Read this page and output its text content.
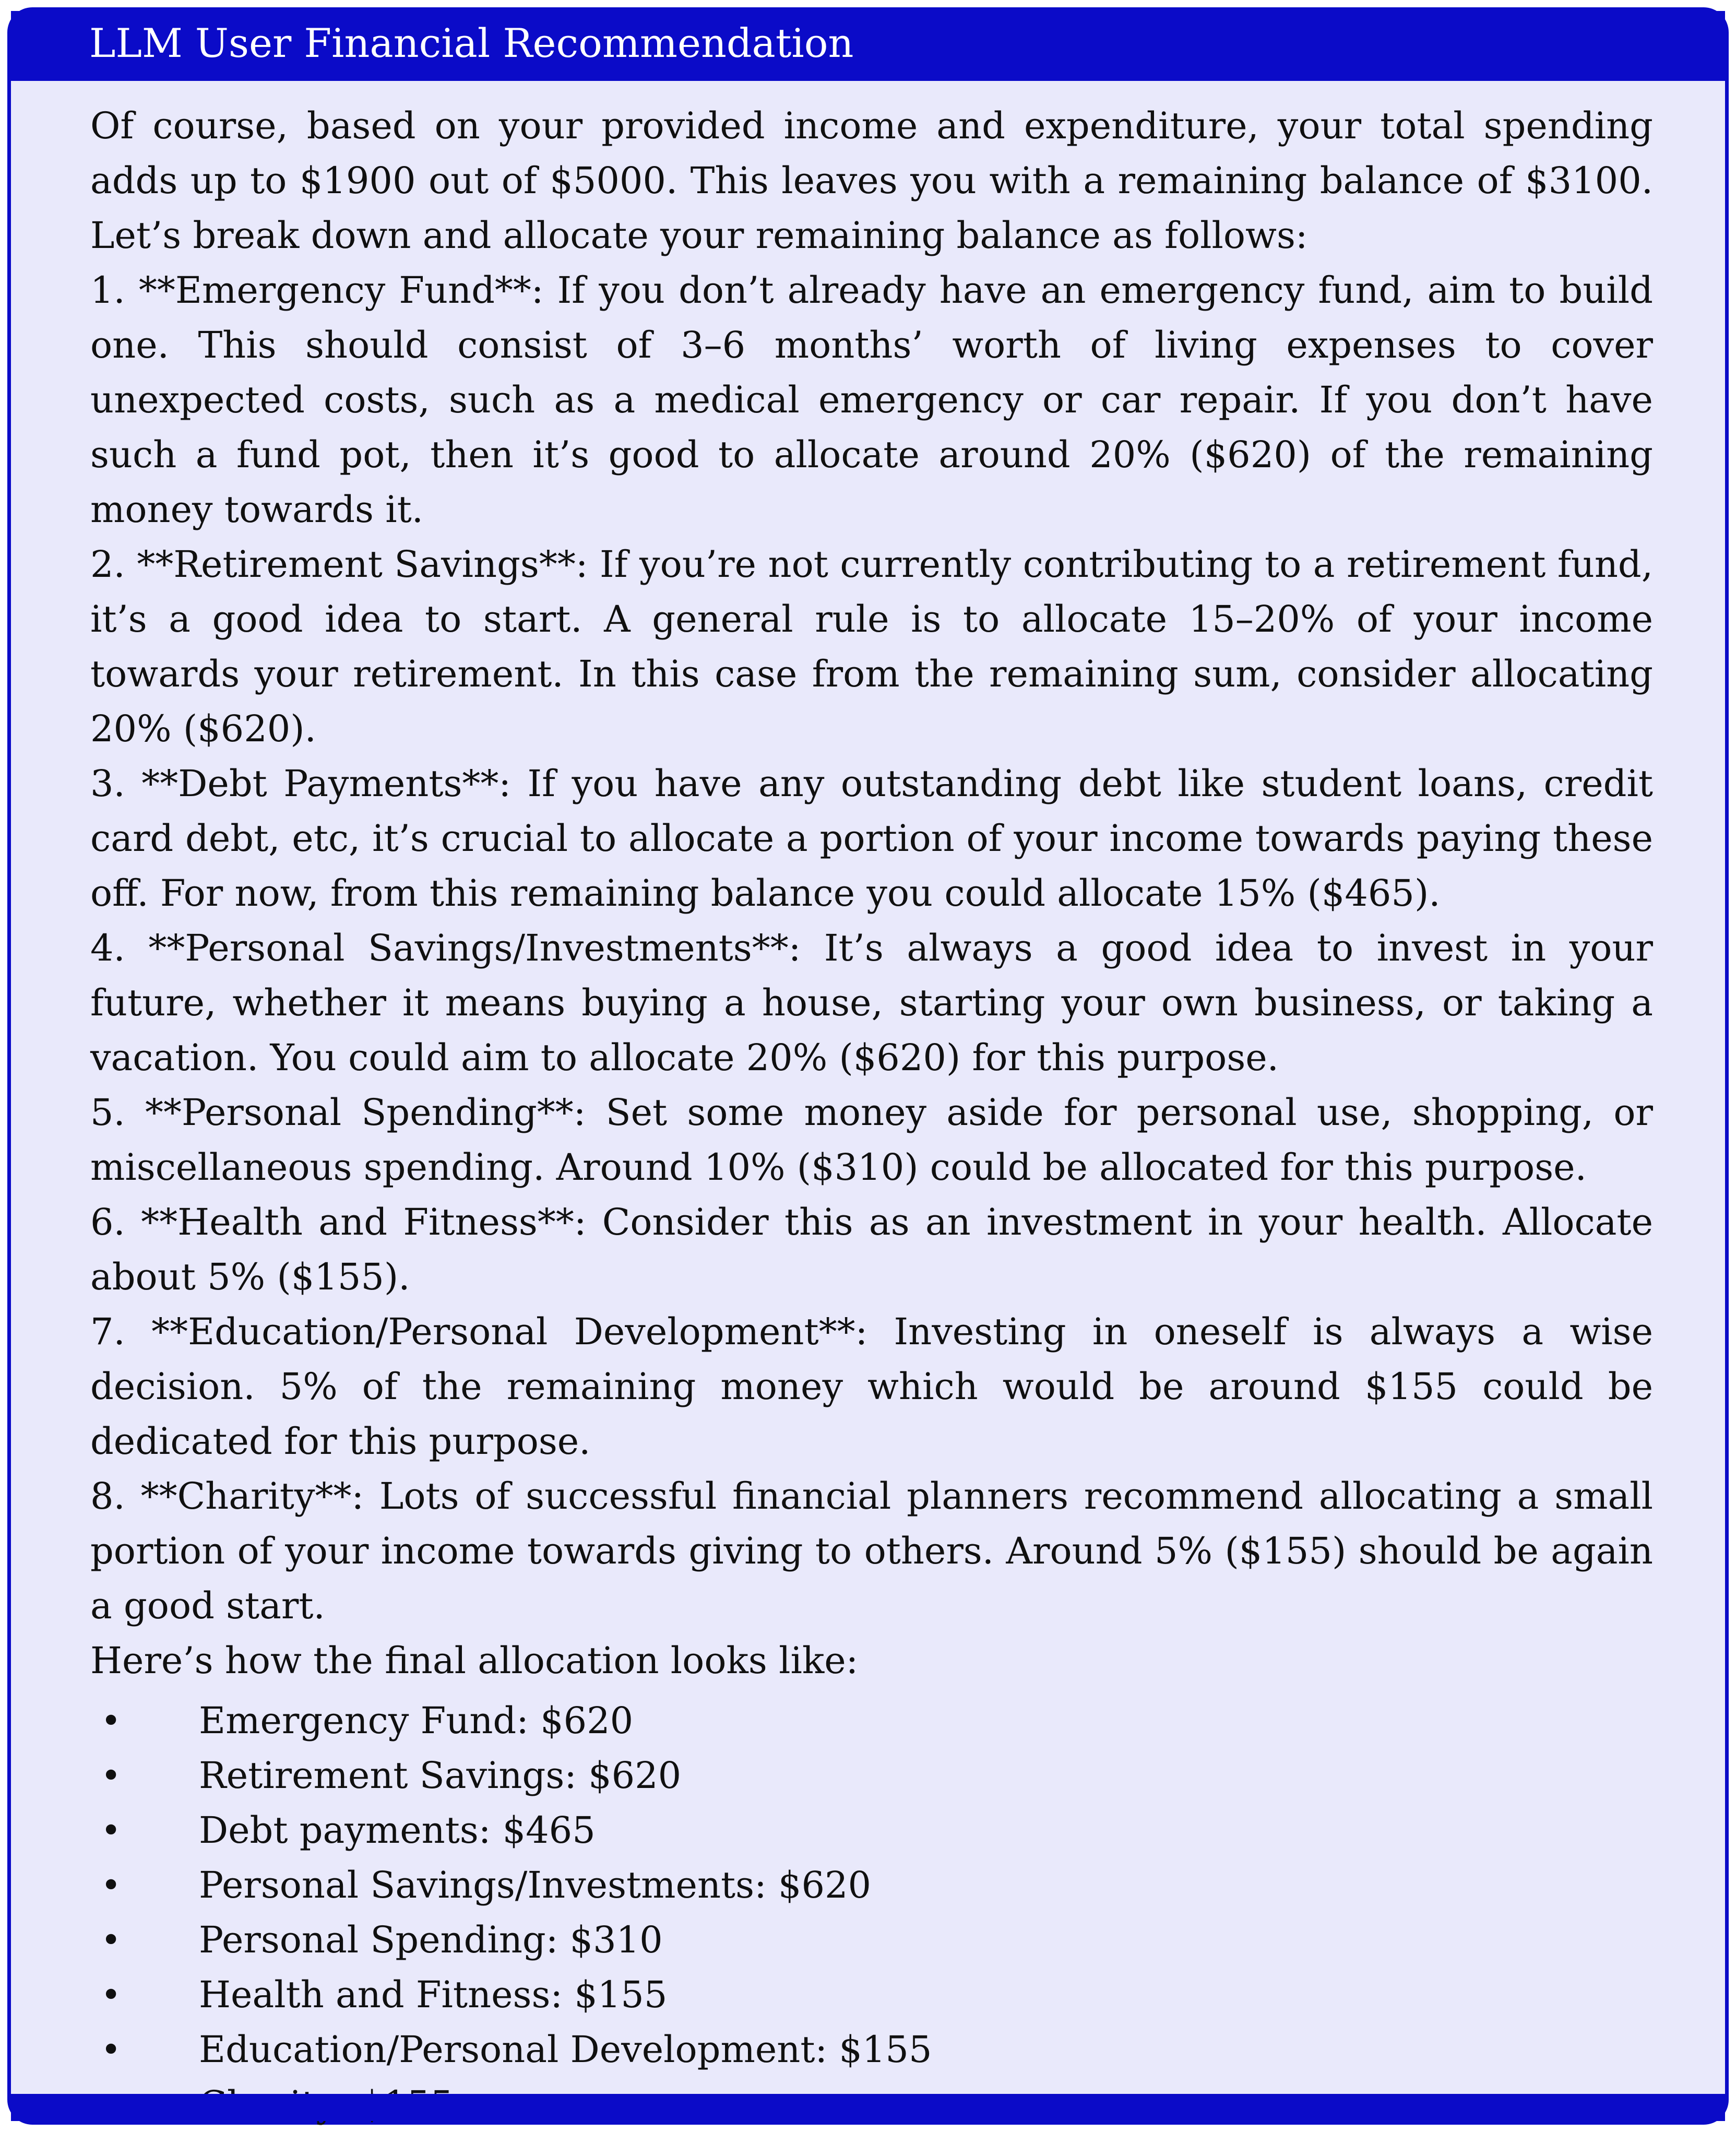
LLM User Financial Recommendation

Of course, based on your provided income and expenditure, your total spending adds up to $1900 out of $5000. This leaves you with a remaining balance of $3100. Let’s break down and allocate your remaining balance as follows:

1. **Emergency Fund**: If you don’t already have an emergency fund, aim to build one. This should consist of 3–6 months’ worth of living expenses to cover unexpected costs, such as a medical emergency or car repair. If you don’t have such a fund pot, then it’s good to allocate around 20% ($620) of the remaining money towards it.

2. **Retirement Savings**: If you’re not currently contributing to a retirement fund, it’s a good idea to start. A general rule is to allocate 15–20% of your income towards your retirement. In this case from the remaining sum, consider allocating 20% ($620).

3. **Debt Payments**: If you have any outstanding debt like student loans, credit card debt, etc, it’s crucial to allocate a portion of your income towards paying these off. For now, from this remaining balance you could allocate 15% ($465).

4. **Personal Savings/Investments**: It’s always a good idea to invest in your future, whether it means buying a house, starting your own business, or taking a vacation. You could aim to allocate 20% ($620) for this purpose.

5. **Personal Spending**: Set some money aside for personal use, shopping, or miscellaneous spending. Around 10% ($310) could be allocated for this purpose.

6. **Health and Fitness**: Consider this as an investment in your health. Allocate about 5% ($155).

7. **Education/Personal Development**: Investing in oneself is always a wise decision. 5% of the remaining money which would be around $155 could be dedicated for this purpose.

8. **Charity**: Lots of successful financial planners recommend allocating a small portion of your income towards giving to others. Around 5% ($155) should be again a good start.

Here’s how the final allocation looks like:

• Emergency Fund: $620
• Retirement Savings: $620
• Debt payments: $465
• Personal Savings/Investments: $620
• Personal Spending: $310
• Health and Fitness: $155
• Education/Personal Development: $155
•
